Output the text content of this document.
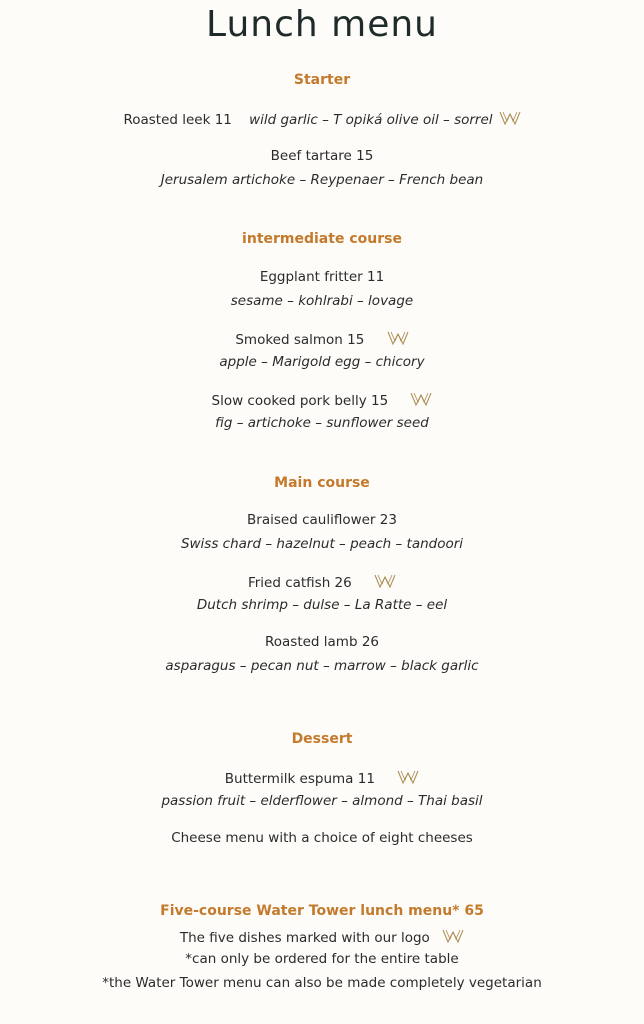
Lunch menu
Starter
Roasted leek 11 wild garlic – T opiká olive oil – sorrel
Beef tartare 15
Jerusalem artichoke – Reypenaer – French bean
intermediate course
Eggplant fritter 11
sesame – kohlrabi – lovage
Smoked salmon 15
apple – Marigold egg – chicory
Slow cooked pork belly 15
fig – artichoke – sunflower seed
Main course
Braised cauliflower 23
Swiss chard – hazelnut – peach – tandoori
Fried catfish 26
Dutch shrimp – dulse – La Ratte – eel
Roasted lamb 26
asparagus – pecan nut – marrow – black garlic
Dessert
Buttermilk espuma 11
passion fruit – elderflower – almond – Thai basil
Cheese menu with a choice of eight cheeses
Five-course Water Tower lunch menu* 65
The five dishes marked with our logo
*can only be ordered for the entire table
*the Water Tower menu can also be made completely vegetarian
